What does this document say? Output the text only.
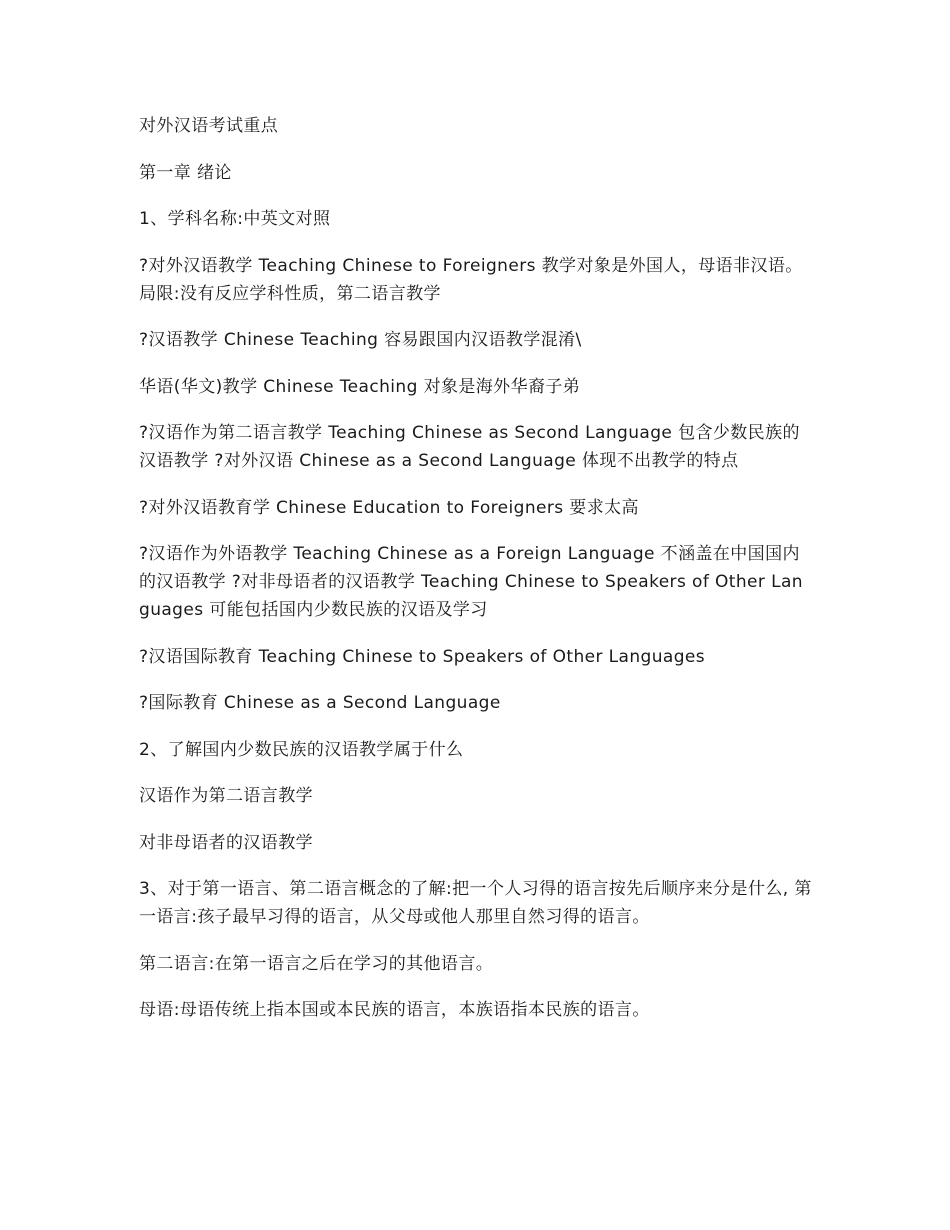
对外汉语考试重点

第一章 绪论

1、学科名称:中英文对照

?对外汉语教学 Teaching Chinese to Foreigners 教学对象是外国人，母语非汉语。局限:没有反应学科性质，第二语言教学

?汉语教学 Chinese Teaching 容易跟国内汉语教学混淆\

华语(华文)教学 Chinese Teaching 对象是海外华裔子弟

?汉语作为第二语言教学 Teaching Chinese as Second Language 包含少数民族的汉语教学 ?对外汉语 Chinese as a Second Language 体现不出教学的特点

?对外汉语教育学 Chinese Education to Foreigners 要求太高

?汉语作为外语教学 Teaching Chinese as a Foreign Language 不涵盖在中国国内的汉语教学 ?对非母语者的汉语教学 Teaching Chinese to Speakers of Other Languages 可能包括国内少数民族的汉语及学习

?汉语国际教育 Teaching Chinese to Speakers of Other Languages

?国际教育 Chinese as a Second Language

2、了解国内少数民族的汉语教学属于什么

汉语作为第二语言教学

对非母语者的汉语教学

3、对于第一语言、第二语言概念的了解:把一个人习得的语言按先后顺序来分是什么, 第一语言:孩子最早习得的语言，从父母或他人那里自然习得的语言。

第二语言:在第一语言之后在学习的其他语言。

母语:母语传统上指本国或本民族的语言，本族语指本民族的语言。
